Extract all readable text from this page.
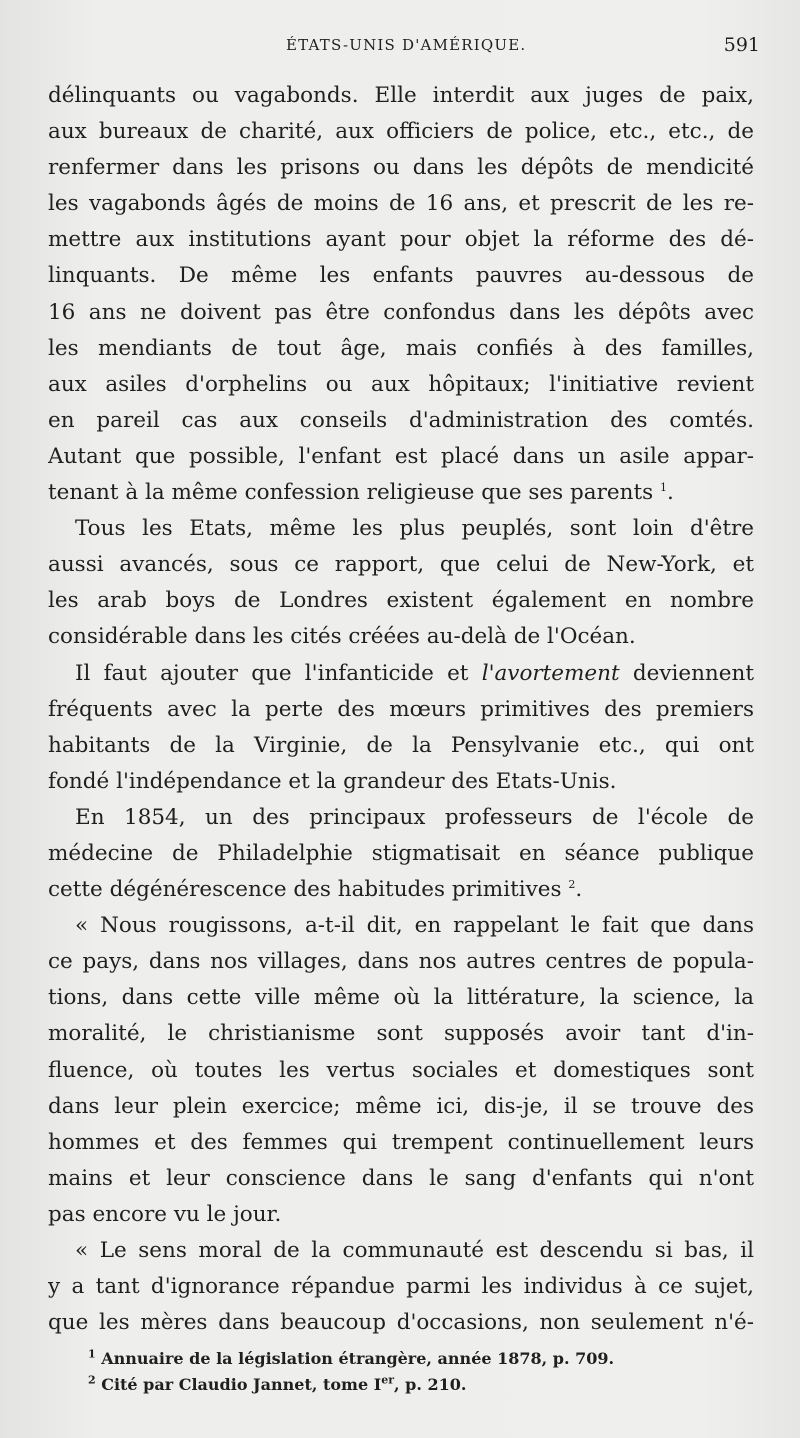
ÉTATS-UNIS D'AMÉRIQUE.	591
délinquants ou vagabonds. Elle interdit aux juges de paix,
aux bureaux de charité, aux officiers de police, etc., etc., de
renfermer dans les prisons ou dans les dépôts de mendicité
les vagabonds âgés de moins de 16 ans, et prescrit de les re-
mettre aux institutions ayant pour objet la réforme des dé-
linquants. De même les enfants pauvres au-dessous de
16 ans ne doivent pas être confondus dans les dépôts avec
les mendiants de tout âge, mais confiés à des familles,
aux asiles d'orphelins ou aux hôpitaux; l'initiative revient
en pareil cas aux conseils d'administration des comtés.
Autant que possible, l'enfant est placé dans un asile appar-
tenant à la même confession religieuse que ses parents $^1$.
Tous les Etats, même les plus peuplés, sont loin d'être
aussi avancés, sous ce rapport, que celui de New-York, et
les arab boys de Londres existent également en nombre
considérable dans les cités créées au-delà de l'Océan.
Il faut ajouter que l'infanticide et l'avortement deviennent
fréquents avec la perte des mœurs primitives des premiers
habitants de la Virginie, de la Pensylvanie etc., qui ont
fondé l'indépendance et la grandeur des Etats-Unis.
En 1854, un des principaux professeurs de l'école de
médecine de Philadelphie stigmatisait en séance publique
cette dégénérescence des habitudes primitives $^2$.
« Nous rougissons, a-t-il dit, en rappelant le fait que dans
ce pays, dans nos villages, dans nos autres centres de popula-
tions, dans cette ville même où la littérature, la science, la
moralité, le christianisme sont supposés avoir tant d'in-
fluence, où toutes les vertus sociales et domestiques sont
dans leur plein exercice; même ici, dis-je, il se trouve des
hommes et des femmes qui trempent continuellement leurs
mains et leur conscience dans le sang d'enfants qui n'ont
pas encore vu le jour.
« Le sens moral de la communauté est descendu si bas, il
y a tant d'ignorance répandue parmi les individus à ce sujet,
que les mères dans beaucoup d'occasions, non seulement n'é-
$^1$ Annuaire de la législation étrangère, année 1878, p. 709.
$^2$ Cité par Claudio Jannet, tome Ier, p. 210.
